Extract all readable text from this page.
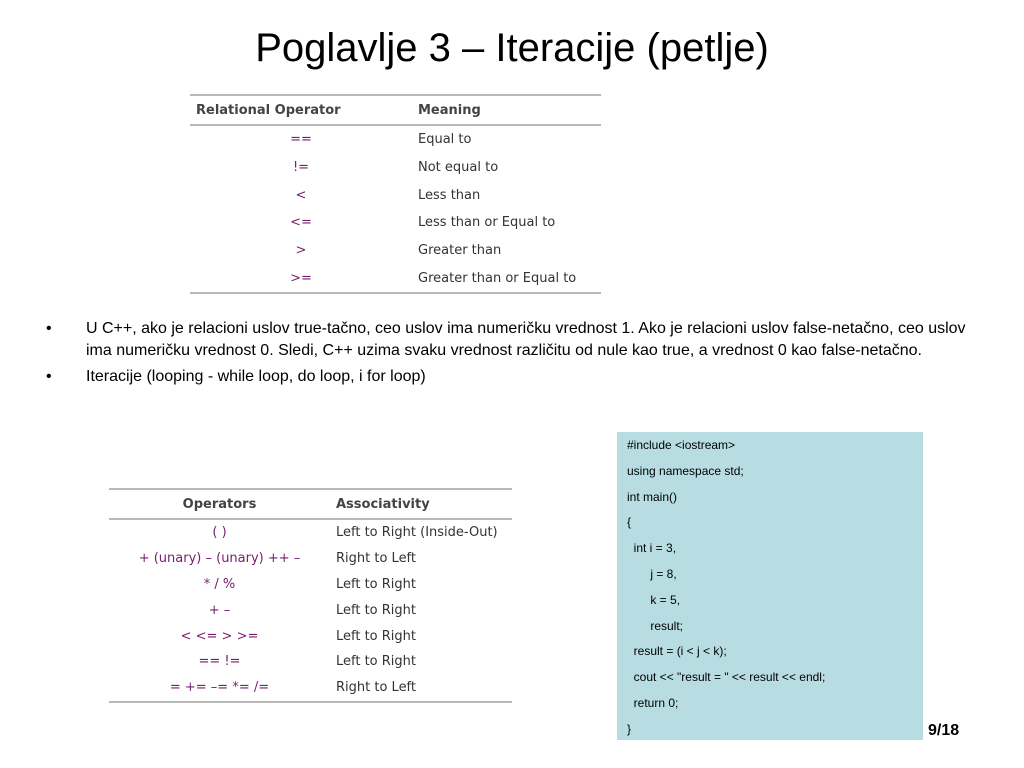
Poglavlje 3 – Iteracije (petlje)
Relational Operator	Meaning
==	Equal to
!=	Not equal to
<	Less than
<=	Less than or Equal to
>	Greater than
>=	Greater than or Equal to
•	U C++, ako je relacioni uslov true-tačno, ceo uslov ima numeričku vrednost 1. Ako je relacioni uslov false-netačno, ceo uslov ima numeričku vrednost 0. Sledi, C++ uzima svaku vrednost različitu od nule kao true, a vrednost 0 kao false-netačno.
•	Iteracije (looping - while loop, do loop, i for loop)
Operators	Associativity
( )	Left to Right (Inside-Out)
+ (unary) – (unary) ++ –	Right to Left
* / %	Left to Right
+ –	Left to Right
< <= > >=	Left to Right
== !=	Left to Right
= += –= *= /=	Right to Left
#include <iostream>
using namespace std;
int main()
{
int i = 3,
j = 8,
k = 5,
result;
result = (i < j < k);
cout << "result = " << result << endl;
return 0;
}	9/18
